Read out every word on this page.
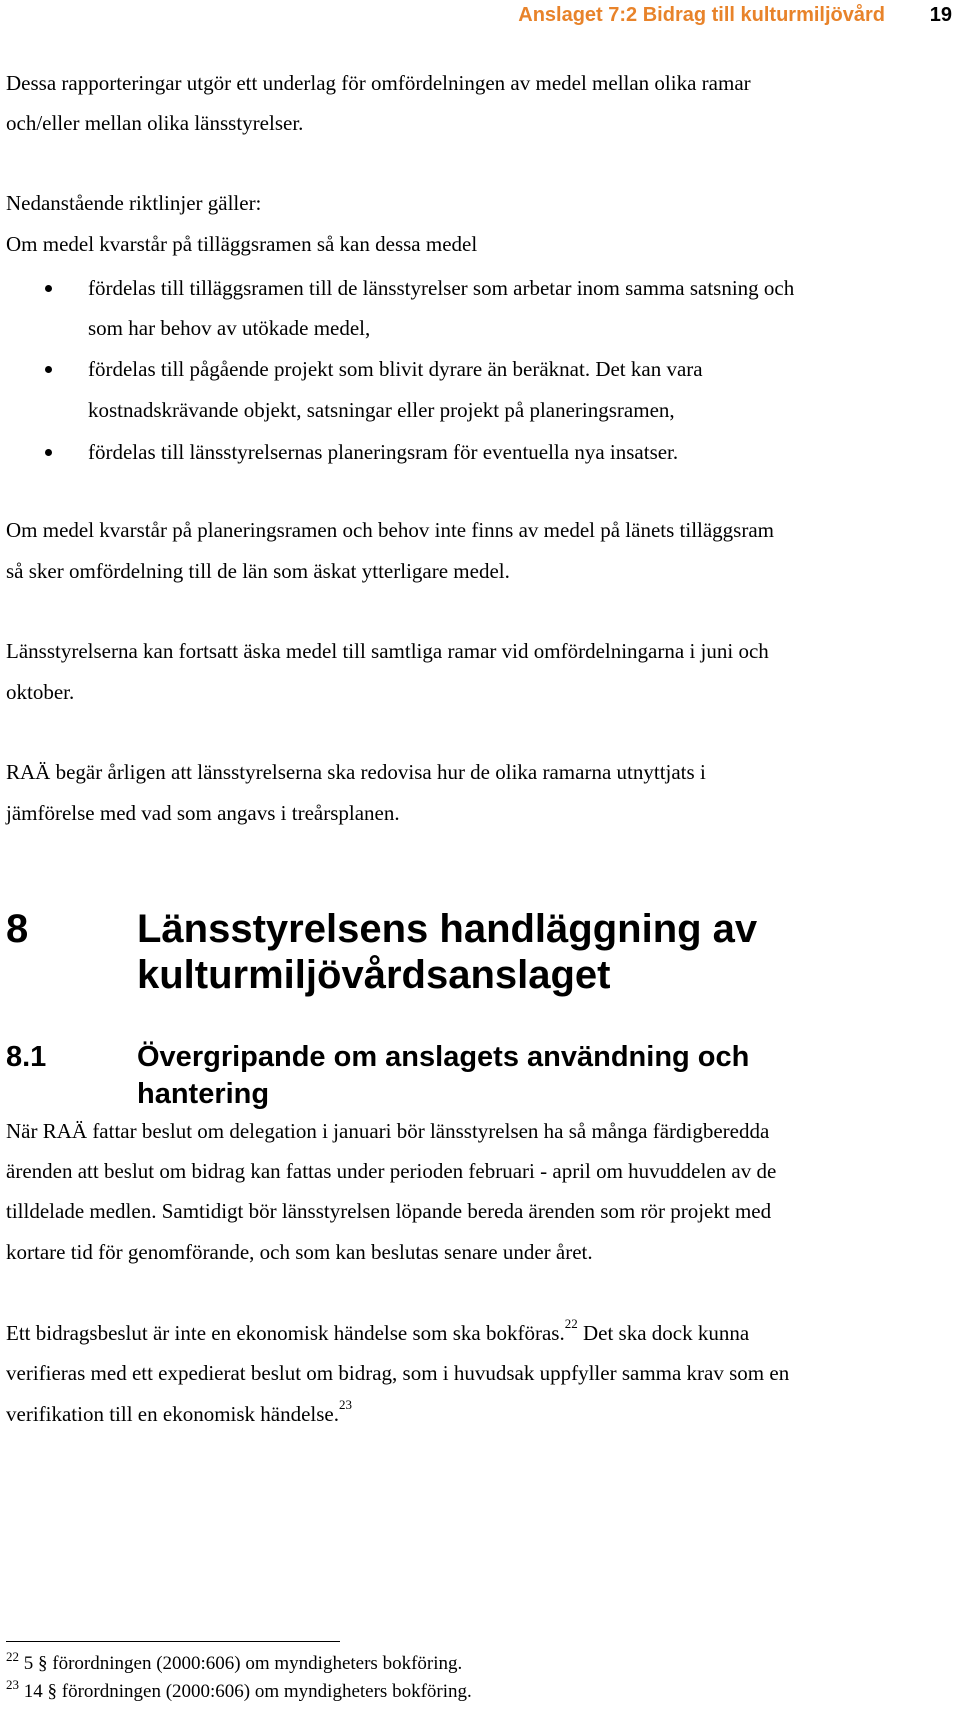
Anslaget 7:2 Bidrag till kulturmiljövård 19
Dessa rapporteringar utgör ett underlag för omfördelningen av medel mellan olika ramar
och/eller mellan olika länsstyrelser.
Nedanstående riktlinjer gäller:
Om medel kvarstår på tilläggsramen så kan dessa medel
fördelas till tilläggsramen till de länsstyrelser som arbetar inom samma satsning och
som har behov av utökade medel,
fördelas till pågående projekt som blivit dyrare än beräknat. Det kan vara
kostnadskrävande objekt, satsningar eller projekt på planeringsramen,
fördelas till länsstyrelsernas planeringsram för eventuella nya insatser.
Om medel kvarstår på planeringsramen och behov inte finns av medel på länets tilläggsram
så sker omfördelning till de län som äskat ytterligare medel.
Länsstyrelserna kan fortsatt äska medel till samtliga ramar vid omfördelningarna i juni och
oktober.
RAÄ begär årligen att länsstyrelserna ska redovisa hur de olika ramarna utnyttjats i
jämförelse med vad som angavs i treårsplanen.
8	Länsstyrelsens handläggning av
kulturmiljövårdsanslaget
8.1	Övergripande om anslagets användning och
hantering
När RAÄ fattar beslut om delegation i januari bör länsstyrelsen ha så många färdigberedda
ärenden att beslut om bidrag kan fattas under perioden februari - april om huvuddelen av de
tilldelade medlen. Samtidigt bör länsstyrelsen löpande bereda ärenden som rör projekt med
kortare tid för genomförande, och som kan beslutas senare under året.
Ett bidragsbeslut är inte en ekonomisk händelse som ska bokföras.$^{22}$ Det ska dock kunna
verifieras med ett expedierat beslut om bidrag, som i huvudsak uppfyller samma krav som en
verifikation till en ekonomisk händelse.$^{23}$
$^{22}$ 5 § förordningen (2000:606) om myndigheters bokföring.
$^{23}$ 14 § förordningen (2000:606) om myndigheters bokföring.
